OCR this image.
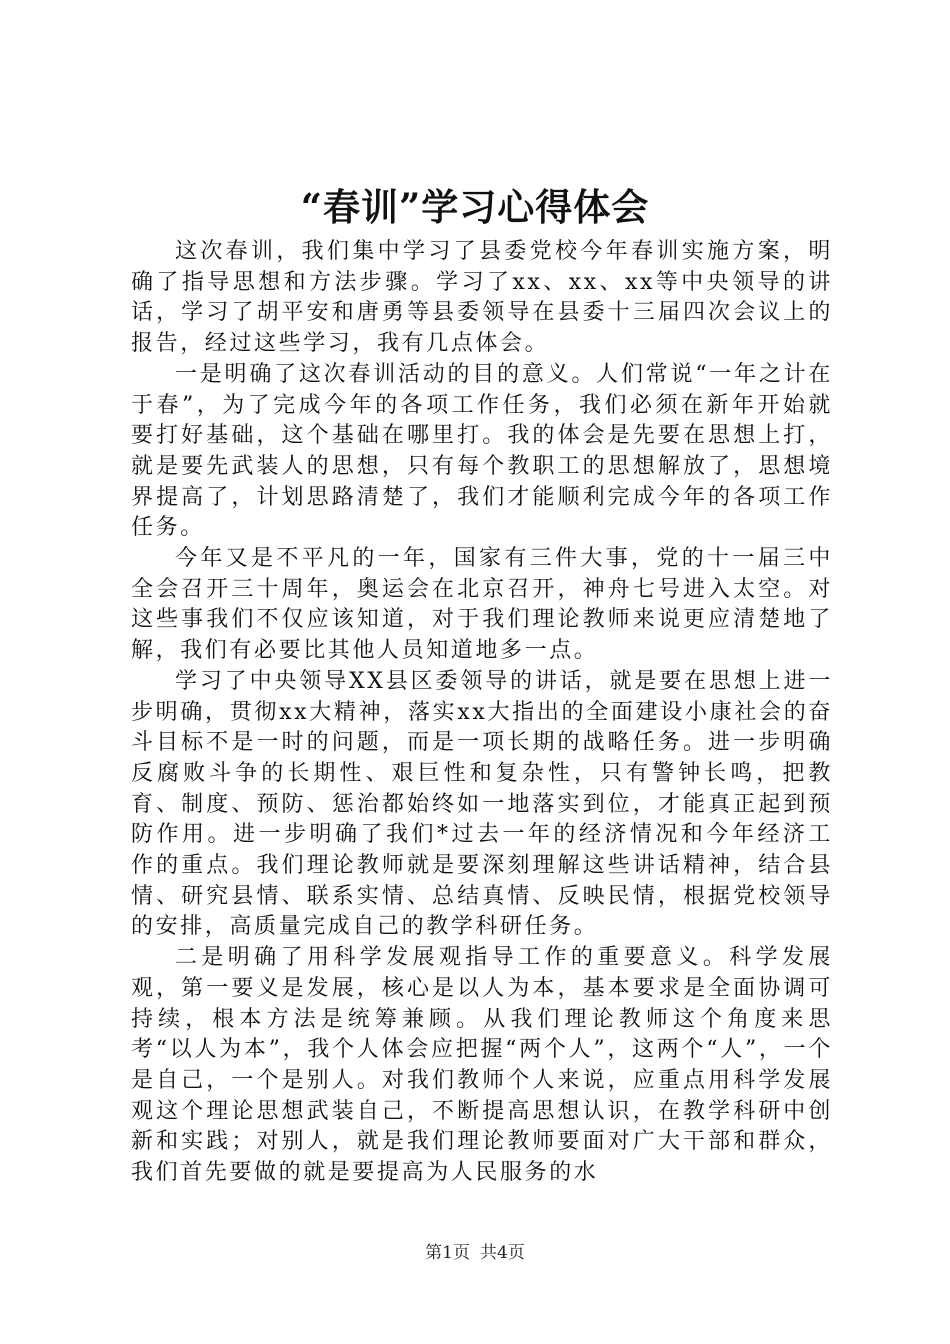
“春训”学习心得体会

这次春训，我们集中学习了县委党校今年春训实施方案，明确了指导思想和方法步骤。学习了xx、xx、xx等中央领导的讲话，学习了胡平安和唐勇等县委领导在县委十三届四次会议上的报告，经过这些学习，我有几点体会。

一是明确了这次春训活动的目的意义。人们常说“一年之计在于春”，为了完成今年的各项工作任务，我们必须在新年开始就要打好基础，这个基础在哪里打。我的体会是先要在思想上打，就是要先武装人的思想，只有每个教职工的思想解放了，思想境界提高了，计划思路清楚了，我们才能顺利完成今年的各项工作任务。

今年又是不平凡的一年，国家有三件大事，党的十一届三中全会召开三十周年，奥运会在北京召开，神舟七号进入太空。对这些事我们不仅应该知道，对于我们理论教师来说更应清楚地了解，我们有必要比其他人员知道地多一点。

学习了中央领导XX县区委领导的讲话，就是要在思想上进一步明确，贯彻xx大精神，落实xx大指出的全面建设小康社会的奋斗目标不是一时的问题，而是一项长期的战略任务。进一步明确反腐败斗争的长期性、艰巨性和复杂性，只有警钟长鸣，把教育、制度、预防、惩治都始终如一地落实到位，才能真正起到预防作用。进一步明确了我们*过去一年的经济情况和今年经济工作的重点。我们理论教师就是要深刻理解这些讲话精神，结合县情、研究县情、联系实情、总结真情、反映民情，根据党校领导的安排，高质量完成自己的教学科研任务。

二是明确了用科学发展观指导工作的重要意义。科学发展观，第一要义是发展，核心是以人为本，基本要求是全面协调可持续，根本方法是统筹兼顾。从我们理论教师这个角度来思考“以人为本”，我个人体会应把握“两个人”，这两个“人”，一个是自己，一个是别人。对我们教师个人来说，应重点用科学发展观这个理论思想武装自己，不断提高思想认识，在教学科研中创新和实践；对别人，就是我们理论教师要面对广大干部和群众，我们首先要做的就是要提高为人民服务的水

第1页 共4页
